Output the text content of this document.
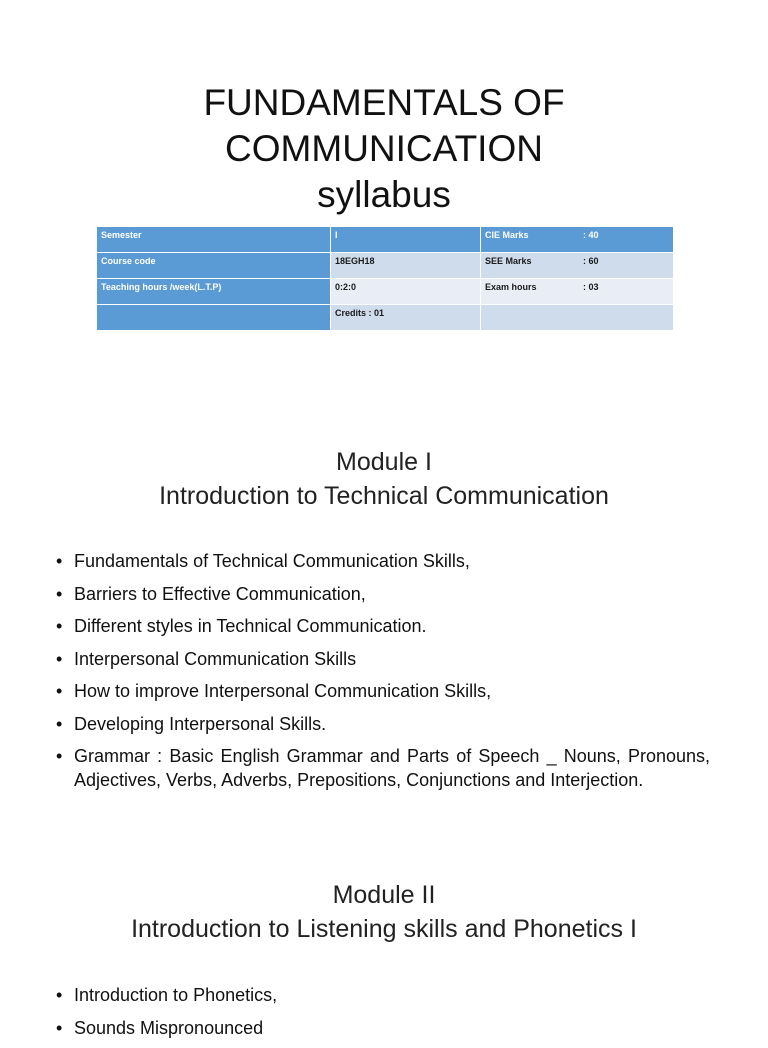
FUNDAMENTALS OF
COMMUNICATION
syllabus
Semester	I	CIE Marks : 40

Course code	18EGH18	SEE Marks : 60

Teaching hours /week(L.T.P)	0:2:0	Exam hours : 03

	Credits : 01	
Module I
Introduction to Technical Communication
• Fundamentals of Technical Communication Skills,
• Barriers to Effective Communication,
• Different styles in Technical Communication.
• Interpersonal Communication Skills
• How to improve Interpersonal Communication Skills,
• Developing Interpersonal Skills.
• Grammar : Basic English Grammar and Parts of Speech _ Nouns, Pronouns, Adjectives, Verbs, Adverbs, Prepositions, Conjunctions and Interjection.
Module II
Introduction to Listening skills and Phonetics I
• Introduction to Phonetics,
• Sounds Mispronounced
